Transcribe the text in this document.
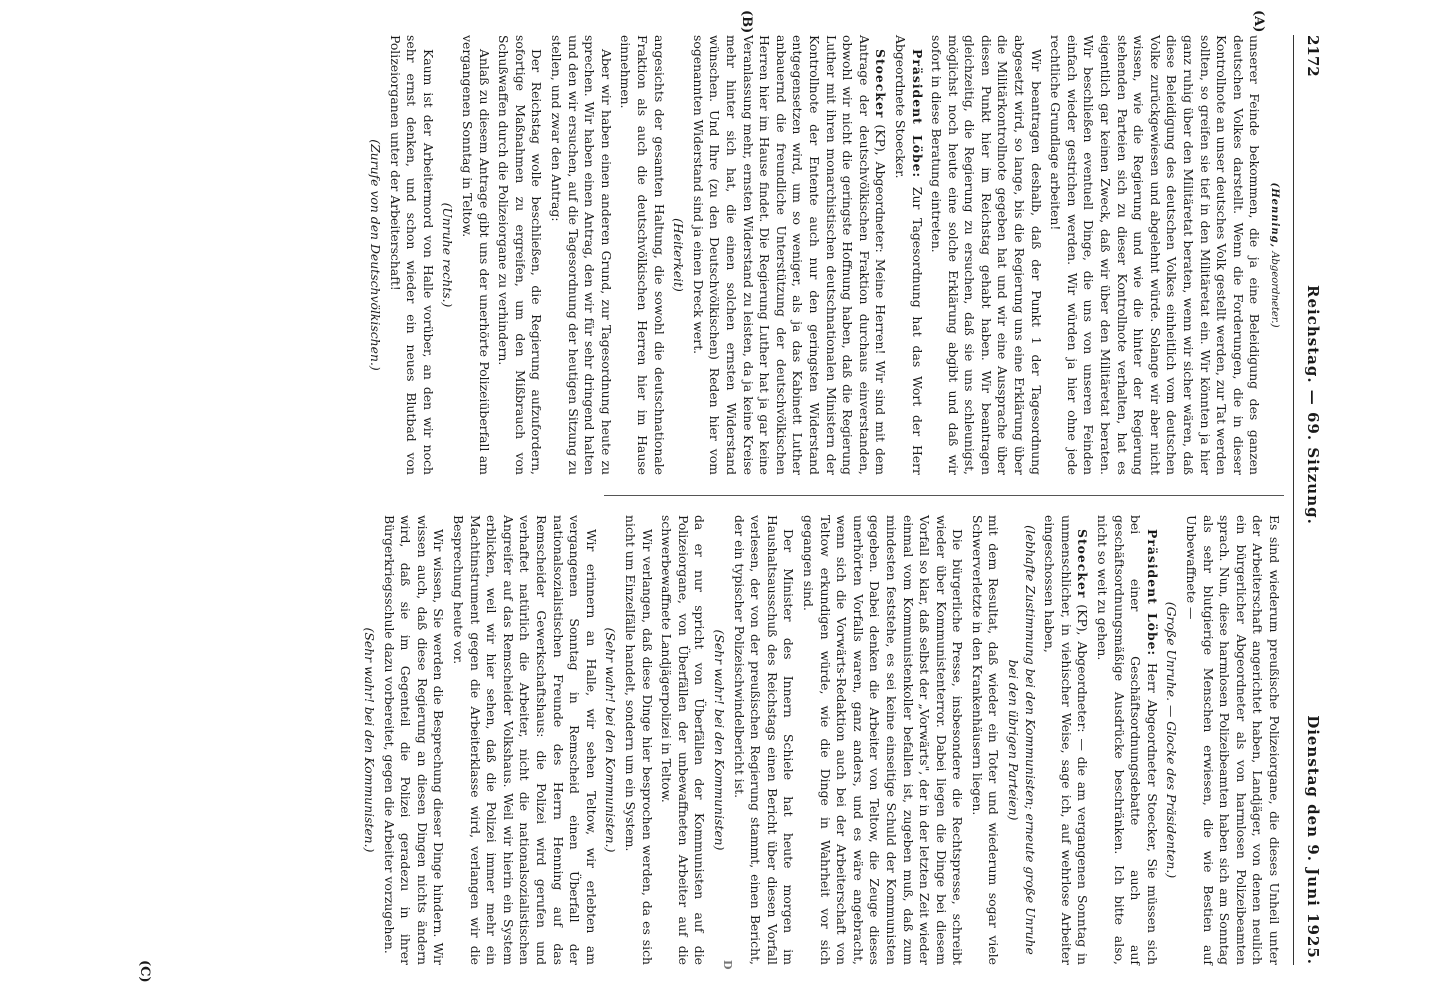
2172
Reichstag. — 69. Sitzung.
Dienstag den 9. Juni 1925.
(A)
(B)
(C)	D

(Henning, Abgeordneter.)

unserer Feinde bekommen, die ja eine Beleidigung des ganzen deutschen Volkes darstellt. Wenn die Forderungen, die in dieser Kontrollnote an unser deutsches Volk gestellt werden, zur Tat werden sollten, so greifen sie tief in den Militäretat ein. Wir könnten ja hier ganz ruhig über den Militäretat beraten, wenn wir sicher wären, daß diese Beleidigung des deutschen Volkes einheitlich vom deutschen Volke zurückgewiesen und abgelehnt würde. Solange wir aber nicht wissen, wie die Regierung und wie die hinter der Regierung stehenden Parteien sich zu dieser Kontrollnote verhalten, hat es eigentlich gar keinen Zweck, daß wir über den Militäretat beraten. Wir beschließen eventuell Dinge, die uns von unseren Feinden einfach wieder gestrichen werden. Wir würden ja hier ohne jede rechtliche Grundlage arbeiten!

Wir beantragen deshalb, daß der Punkt 1 der Tagesordnung abgesetzt wird, so lange, bis die Regierung uns eine Erklärung über die Militärkontrollnote gegeben hat und wir eine Aussprache über diesen Punkt hier im Reichstag gehabt haben. Wir beantragen gleichzeitig, die Regierung zu ersuchen, daß sie uns schleunigst, möglichst noch heute eine solche Erklärung abgibt und daß wir sofort in diese Beratung eintreten.

Präsident Löbe: Zur Tagesordnung hat das Wort der Herr Abgeordnete Stoecker.

Stoecker (KP), Abgeordneter: Meine Herren! Wir sind mit dem Antrage der deutschvölkischen Fraktion durchaus einverstanden, obwohl wir nicht die geringste Hoffnung haben, daß die Regierung Luther mit ihren monarchistischen deutschnationalen Ministern der Kontrollnote der Entente auch nur den geringsten Widerstand entgegensetzen wird, um so weniger, als ja das Kabinett Luther anbauernd die freundliche Unterstützung der deutschvölkischen Herren hier im Hause findet. Die Regierung Luther hat ja gar keine Veranlassung mehr, ernsten Widerstand zu leisten, da ja keine Kreise mehr hinter sich hat, die einen solchen ernsten Widerstand wünschen. Und Ihre (zu den Deutschvölkischen) Reden hier vom sogenannten Widerstand sind ja einen Dreck wert.

(Heiterkeit)

angesichts der gesamten Haltung, die sowohl die deutschnationale Fraktion als auch die deutschvölkischen Herren hier im Hause einnehmen.

Aber wir haben einen anderen Grund, zur Tagesordnung heute zu sprechen. Wir haben einen Antrag, den wir für sehr dringend halten und den wir ersuchen, auf die Tagesordnung der heutigen Sitzung zu stellen, und zwar den Antrag:

Der Reichstag wolle beschließen, die Regierung aufzufordern, sofortige Maßnahmen zu ergreifen, um den Mißbrauch von Schußwaffen durch die Polizeiorgane zu verhindern.

Anlaß zu diesem Antrage gibt uns der unerhörte Polizeiüberfall am vergangenen Sonntag in Teltow.

(Unruhe rechts.)

Kaum ist der Arbeitermord von Halle vorüber, an den wir noch sehr ernst denken, und schon wieder ein neues Blutbad von Polizeiorganen unter der Arbeiterschaft!

(Zurufe von den Deutschvölkischen.)

Es sind wiederum preußische Polizeiorgane, die dieses Unheil unter der Arbeiterschaft angerichtet haben, Landjäger, von denen neulich ein bürgerlicher Abgeordneter als von harmlosen Polizeibeamten sprach. Nun, diese harmlosen Polizeibeamten haben sich am Sonntag als sehr blutgierige Menschen erwiesen, die wie Bestien auf Unbewaffnete —

(Große Unruhe. — Glocke des Präsidenten.)

Präsident Löbe: Herr Abgeordneter Stoecker, Sie müssen sich bei einer Geschäftsordnungsdebatte auch auf geschäftsordnungsmäßige Ausdrücke beschränken. Ich bitte also, nicht so weit zu gehen.

Stoecker (KP), Abgeordneter: — die am vergangenen Sonntag in unmenschlicher, in viehischer Weise, sage ich, auf wehrlose Arbeiter eingeschossen haben,

(lebhafte Zustimmung bei den Kommunisten; erneute große Unruhe bei den übrigen Parteien)

mit dem Resultat, daß wieder ein Toter und wiederum sogar viele Schwerverletzte in den Krankenhäusern liegen.

Die bürgerliche Presse, insbesondere die Rechtspresse, schreibt wieder über Kommunistenterror. Dabei liegen die Dinge bei diesem Vorfall so klar, daß selbst der „Vorwärts", der in der letzten Zeit wieder einmal vom Kommunistenkoller befallen ist, zugeben muß, daß zum mindesten feststehe, es sei keine einseitige Schuld der Kommunisten gegeben. Dabei denken die Arbeiter von Teltow, die Zeuge dieses unerhörten Vorfalls waren, ganz anders, und es wäre angebracht, wenn sich die Vorwärts-Redaktion auch bei der Arbeiterschaft von Teltow erkundigen würde, wie die Dinge in Wahrheit vor sich gegangen sind.

Der Minister des Innern Schiele hat heute morgen im Haushaltsausschuß des Reichstags einen Bericht über diesen Vorfall verlesen, der von der preußischen Regierung stammt, einen Bericht, der ein typischer Polizeischwindelbericht ist.

(Sehr wahr! bei den Kommunisten)

da er nur spricht von Überfällen der Kommunisten auf die Polizeiorgane, von Überfällen der unbewaffneten Arbeiter auf die schwerbewaffnete Landjägerpolizei in Teltow.

Wir verlangen, daß diese Dinge hier besprochen werden, da es sich nicht um Einzelfälle handelt, sondern um ein System.

(Sehr wahr! bei den Kommunisten.)

Wir erinnern an Halle, wir sehen Teltow, wir erlebten am vergangenen Sonntag in Remscheid einen Überfall der nationalsozialistischen Freunde des Herrn Henning auf das Remscheider Gewerkschaftshaus: die Polizei wird gerufen und verhaftet natürlich die Arbeiter, nicht die nationalsozialistischen Angreifer auf das Remscheider Volkshaus. Weil wir hierin ein System erblicken, weil wir hier sehen, daß die Polizei immer mehr ein Machtinstrument gegen die Arbeiterklasse wird, verlangen wir die Besprechung heute vor.

Wir wissen, Sie werden die Besprechung dieser Dinge hindern. Wir wissen auch, daß diese Regierung an diesen Dingen nichts ändern wird, daß sie im Gegenteil die Polizei geradezu in ihrer Bürgerkriegsschule dazu vorbereitet, gegen die Arbeiter vorzugehen.

(Sehr wahr! bei den Kommunisten.)
